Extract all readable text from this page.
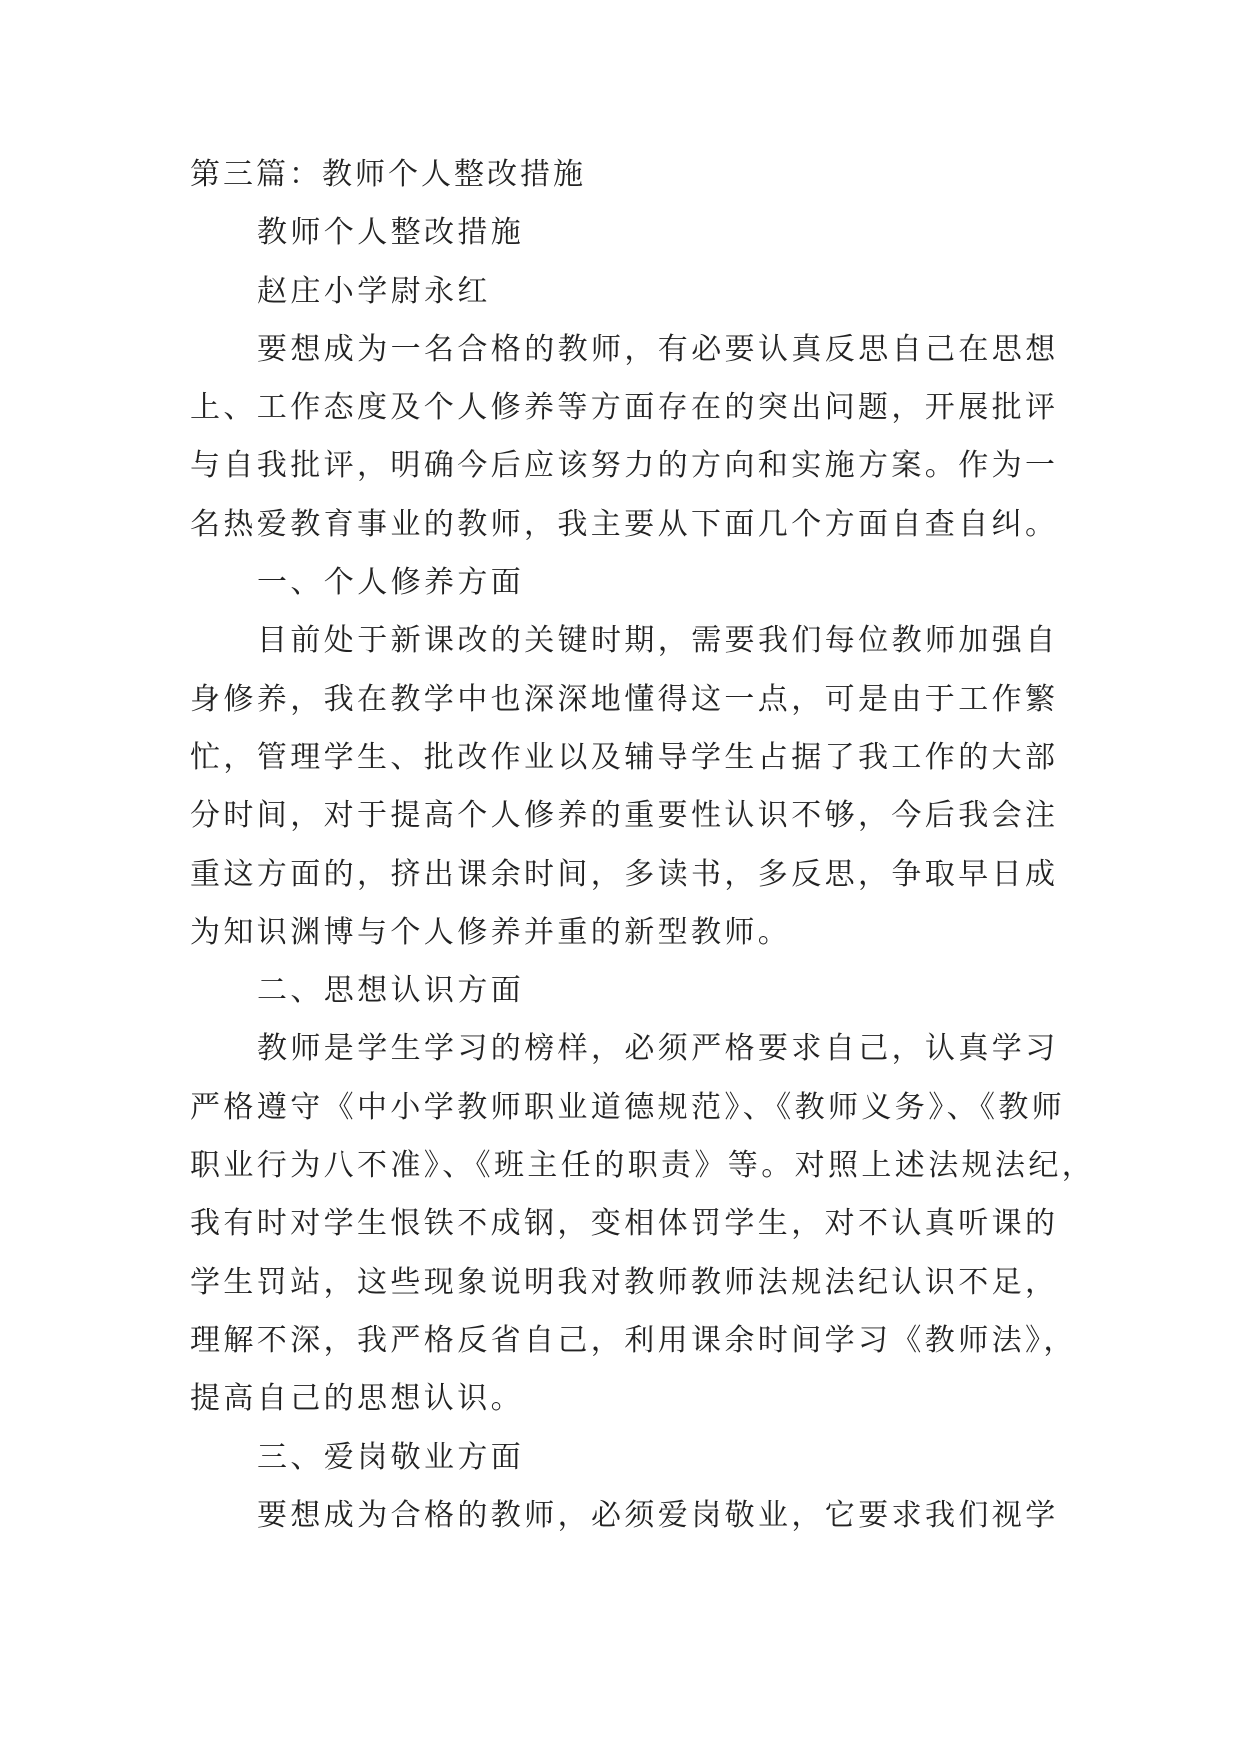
第三篇：教师个人整改措施
教师个人整改措施
赵庄小学尉永红
要想成为一名合格的教师，有必要认真反思自己在思想
上、工作态度及个人修养等方面存在的突出问题，开展批评
与自我批评，明确今后应该努力的方向和实施方案。作为一
名热爱教育事业的教师，我主要从下面几个方面自查自纠。
一、个人修养方面
目前处于新课改的关键时期，需要我们每位教师加强自
身修养，我在教学中也深深地懂得这一点，可是由于工作繁
忙，管理学生、批改作业以及辅导学生占据了我工作的大部
分时间，对于提高个人修养的重要性认识不够，今后我会注
重这方面的，挤出课余时间，多读书，多反思，争取早日成
为知识渊博与个人修养并重的新型教师。
二、思想认识方面
教师是学生学习的榜样，必须严格要求自己，认真学习
严格遵守《中小学教师职业道德规范》、《教师义务》、《教师
职业行为八不准》、《班主任的职责》等。对照上述法规法纪，
我有时对学生恨铁不成钢，变相体罚学生，对不认真听课的
学生罚站，这些现象说明我对教师教师法规法纪认识不足，
理解不深，我严格反省自己，利用课余时间学习《教师法》，
提高自己的思想认识。
三、爱岗敬业方面
要想成为合格的教师，必须爱岗敬业，它要求我们视学
